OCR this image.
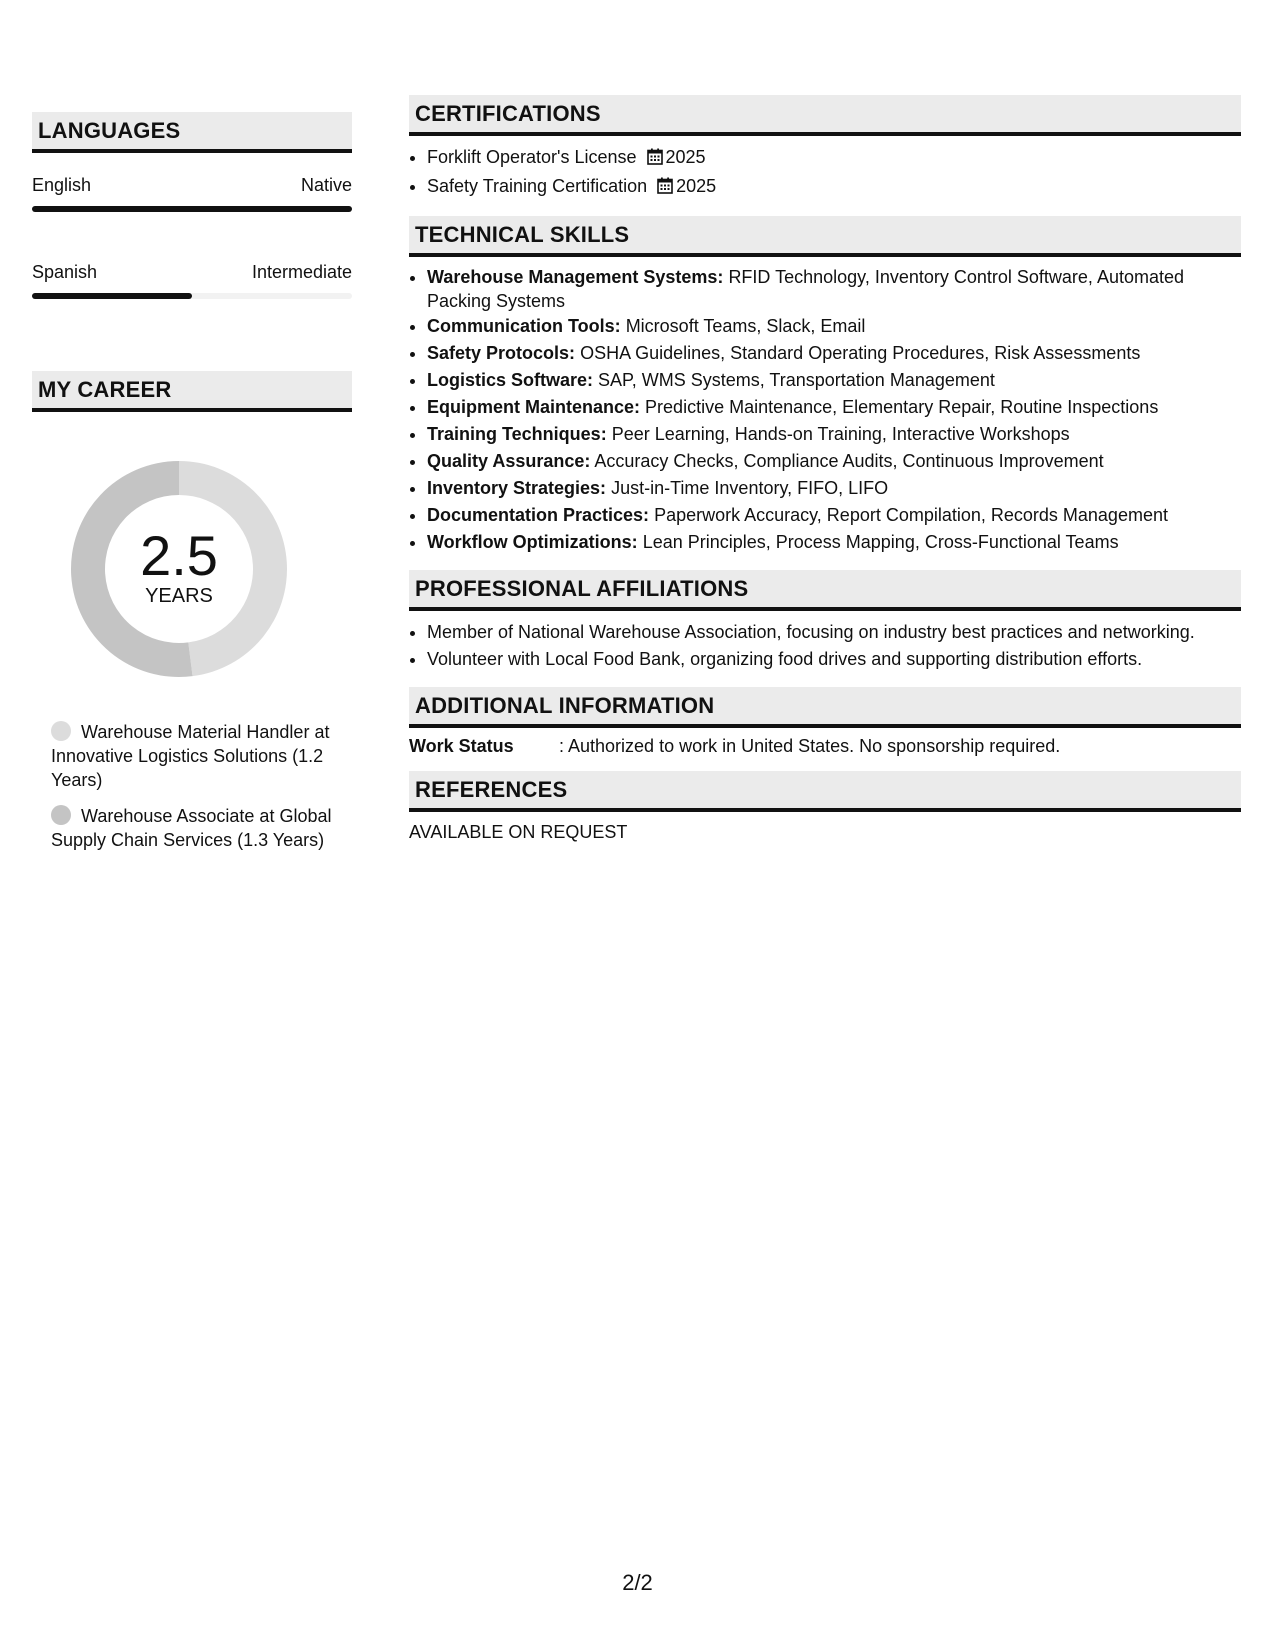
LANGUAGES
English	Native
Spanish	Intermediate
MY CAREER
2.5
YEARS
Warehouse Material Handler at Innovative Logistics Solutions (1.2 Years)
Warehouse Associate at Global Supply Chain Services (1.3 Years)
CERTIFICATIONS
• Forklift Operator's License 2025
• Safety Training Certification 2025
TECHNICAL SKILLS
• Warehouse Management Systems: RFID Technology, Inventory Control Software, Automated Packing Systems
• Communication Tools: Microsoft Teams, Slack, Email
• Safety Protocols: OSHA Guidelines, Standard Operating Procedures, Risk Assessments
• Logistics Software: SAP, WMS Systems, Transportation Management
• Equipment Maintenance: Predictive Maintenance, Elementary Repair, Routine Inspections
• Training Techniques: Peer Learning, Hands-on Training, Interactive Workshops
• Quality Assurance: Accuracy Checks, Compliance Audits, Continuous Improvement
• Inventory Strategies: Just-in-Time Inventory, FIFO, LIFO
• Documentation Practices: Paperwork Accuracy, Report Compilation, Records Management
• Workflow Optimizations: Lean Principles, Process Mapping, Cross-Functional Teams
PROFESSIONAL AFFILIATIONS
• Member of National Warehouse Association, focusing on industry best practices and networking.
• Volunteer with Local Food Bank, organizing food drives and supporting distribution efforts.
ADDITIONAL INFORMATION
Work Status	: Authorized to work in United States. No sponsorship required.
REFERENCES
AVAILABLE ON REQUEST
2/2
